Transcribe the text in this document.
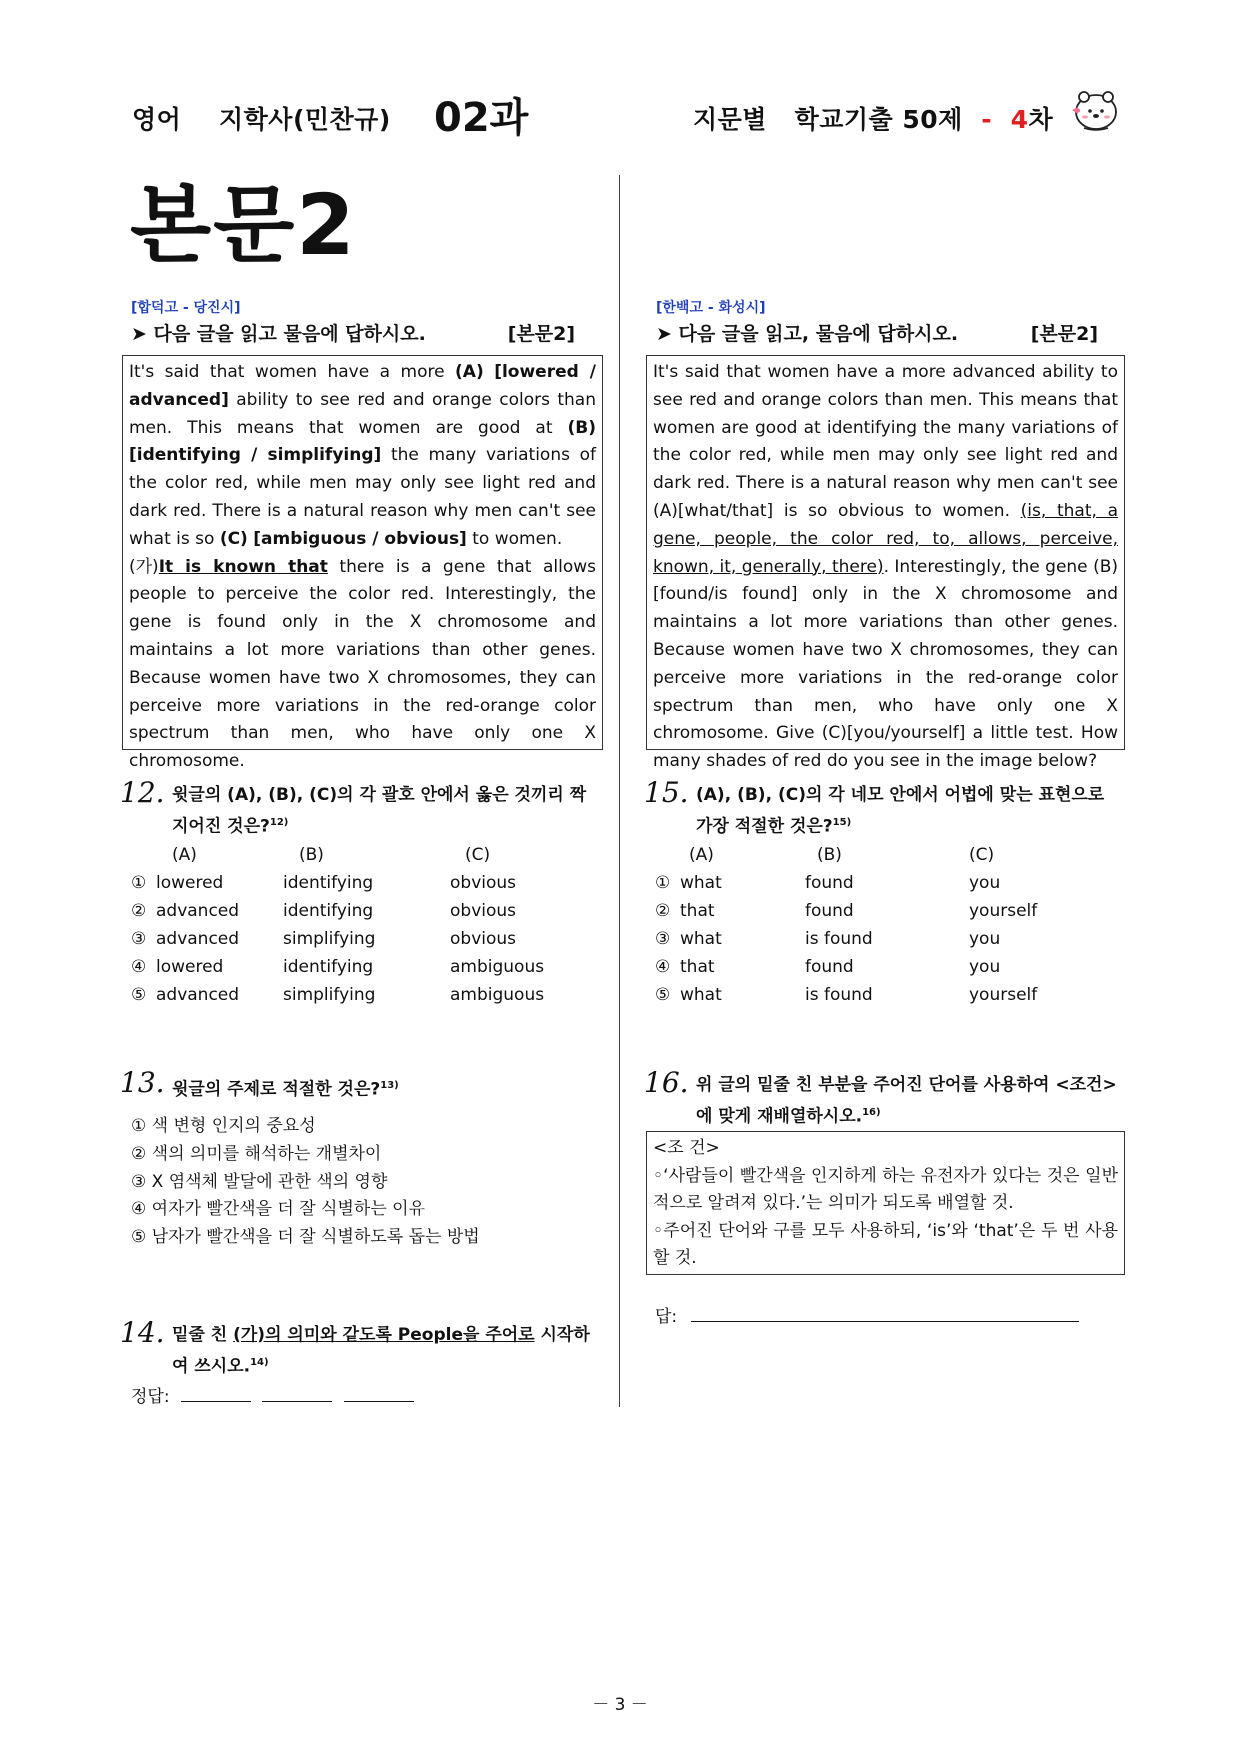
영어 지학사(민찬규) 02과	지문별 학교기출 50제 - 4차
본문2
[합덕고 - 당진시]
➤ 다음 글을 읽고 물음에 답하시오.	[본문2]
It's said that women have a more (A) [lowered / advanced] ability to see red and orange colors than men. This means that women are good at (B) [identifying / simplifying] the many variations of the color red, while men may only see light red and dark red. There is a natural reason why men can't see what is so (C) [ambiguous / obvious] to women.
(가)It is known that there is a gene that allows people to perceive the color red. Interestingly, the gene is found only in the X chromosome and maintains a lot more variations than other genes. Because women have two X chromosomes, they can perceive more variations in the red-orange color spectrum than men, who have only one X chromosome.
12. 윗글의 (A), (B), (C)의 각 괄호 안에서 옳은 것끼리 짝지어진 것은?$^{12)}$
(A)	(B)	(C)
① lowered	identifying	obvious
② advanced	identifying	obvious
③ advanced	simplifying	obvious
④ lowered	identifying	ambiguous
⑤ advanced	simplifying	ambiguous
13. 윗글의 주제로 적절한 것은?$^{13)}$
① 색 변형 인지의 중요성
② 색의 의미를 해석하는 개별차이
③ X 염색체 발달에 관한 색의 영향
④ 여자가 빨간색을 더 잘 식별하는 이유
⑤ 남자가 빨간색을 더 잘 식별하도록 돕는 방법
14. 밑줄 친 (가)의 의미와 같도록 People을 주어로 시작하여 쓰시오.$^{14)}$
정답:
[한백고 - 화성시]
➤ 다음 글을 읽고, 물음에 답하시오.	[본문2]
It's said that women have a more advanced ability to see red and orange colors than men. This means that women are good at identifying the many variations of the color red, while men may only see light red and dark red. There is a natural reason why men can't see (A)[what/that] is so obvious to women. (is, that, a gene, people, the color red, to, allows, perceive, known, it, generally, there). Interestingly, the gene (B)[found/is found] only in the X chromosome and maintains a lot more variations than other genes. Because women have two X chromosomes, they can perceive more variations in the red-orange color spectrum than men, who have only one X chromosome. Give (C)[you/yourself] a little test. How many shades of red do you see in the image below?
15. (A), (B), (C)의 각 네모 안에서 어법에 맞는 표현으로 가장 적절한 것은?$^{15)}$
(A)	(B)	(C)
① what	found	you
② that	found	yourself
③ what	is found	you
④ that	found	you
⑤ what	is found	yourself
16. 위 글의 밑줄 친 부분을 주어진 단어를 사용하여 <조건>에 맞게 재배열하시오.$^{16)}$
<조 건>
◦‘사람들이 빨간색을 인지하게 하는 유전자가 있다는 것은 일반적으로 알려져 있다.’는 의미가 되도록 배열할 것.
◦주어진 단어와 구를 모두 사용하되, ‘is’와 ‘that’은 두 번 사용할 것.
답:
－ 3 －
